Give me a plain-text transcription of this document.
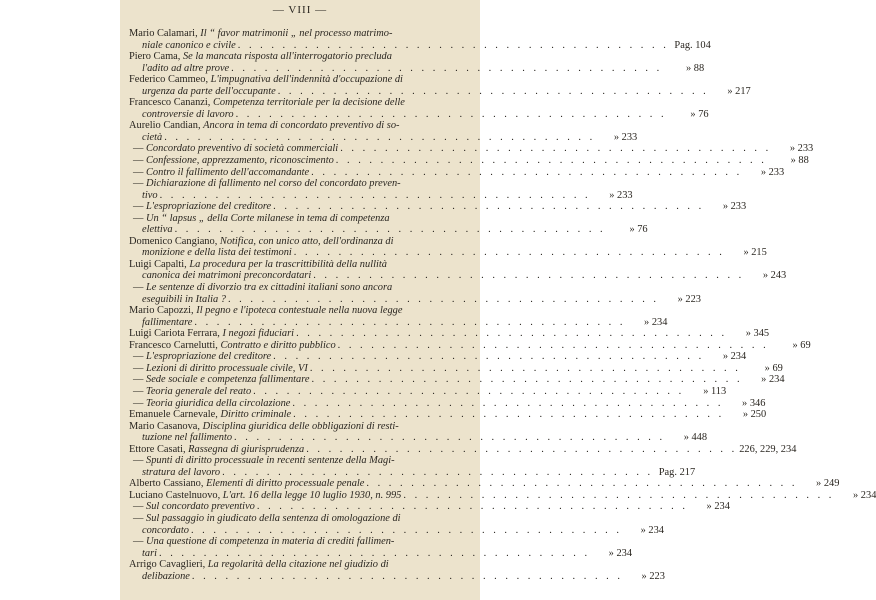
— VIII —
Mario Calamari, Il “ favor matrimonii „ nel processo matrimo-
niale canonico e civile . . . . . . . . . . . . . . . . . . . . . . . . . . . . . . . . . . . . . . . Pag. 104
Piero Cama, Se la mancata risposta all'interrogatorio precluda
l'adito ad altre prove . . . . . . . . . . . . . . . . . . . . . . . . . . . . . . . . . . . . . . .	» 88
Federico Cammeo, L'impugnativa dell'indennità d'occupazione di
urgenza da parte dell'occupante . . . . . . . . . . . . . . . . . . . . . . . . . . . . . . . . . . . . . . .	» 217
Francesco Cananzi, Competenza territoriale per la decisione delle
controversie di lavoro . . . . . . . . . . . . . . . . . . . . . . . . . . . . . . . . . . . . . . .	» 76
Aurelio Candian, Ancora in tema di concordato preventivo di so-
cietà . . . . . . . . . . . . . . . . . . . . . . . . . . . . . . . . . . . . . . .	» 233
— Concordato preventivo di società commerciali . . . . . . . . . . . . . . . . . . . . . . . . . . . . . . . . . . . . . . .	» 233
— Confessione, apprezzamento, riconoscimento . . . . . . . . . . . . . . . . . . . . . . . . . . . . . . . . . . . . . . .	» 88
— Contro il fallimento dell'accomandante . . . . . . . . . . . . . . . . . . . . . . . . . . . . . . . . . . . . . . .	» 233
— Dichiarazione di fallimento nel corso del concordato preven-
tivo . . . . . . . . . . . . . . . . . . . . . . . . . . . . . . . . . . . . . . .	» 233
— L'espropriazione del creditore . . . . . . . . . . . . . . . . . . . . . . . . . . . . . . . . . . . . . . .	» 233
— Un “ lapsus „ della Corte milanese in tema di competenza
elettiva . . . . . . . . . . . . . . . . . . . . . . . . . . . . . . . . . . . . . . .	» 76
Domenico Cangiano, Notifica, con unico atto, dell'ordinanza di
monizione e della lista dei testimoni . . . . . . . . . . . . . . . . . . . . . . . . . . . . . . . . . . . . . . .	» 215
Luigi Capalti, La procedura per la trascrittibilità della nullità
canonica dei matrimoni preconcordatari . . . . . . . . . . . . . . . . . . . . . . . . . . . . . . . . . . . . . . .	» 243
— Le sentenze di divorzio tra ex cittadini italiani sono ancora
eseguibili in Italia ? . . . . . . . . . . . . . . . . . . . . . . . . . . . . . . . . . . . . . . .	» 223
Mario Capozzi, Il pegno e l'ipoteca contestuale nella nuova legge
fallimentare . . . . . . . . . . . . . . . . . . . . . . . . . . . . . . . . . . . . . . .	» 234
Luigi Cariota Ferrara, I negozi fiduciari . . . . . . . . . . . . . . . . . . . . . . . . . . . . . . . . . . . . . . .	» 345
Francesco Carnelutti, Contratto e diritto pubblico . . . . . . . . . . . . . . . . . . . . . . . . . . . . . . . . . . . . . . .	» 69
— L'espropriazione del creditore . . . . . . . . . . . . . . . . . . . . . . . . . . . . . . . . . . . . . . .	» 234
— Lezioni di diritto processuale civile, VI . . . . . . . . . . . . . . . . . . . . . . . . . . . . . . . . . . . . . . .	» 69
— Sede sociale e competenza fallimentare . . . . . . . . . . . . . . . . . . . . . . . . . . . . . . . . . . . . . . .	» 234
— Teoria generale del reato . . . . . . . . . . . . . . . . . . . . . . . . . . . . . . . . . . . . . . .	» 113
— Teoria giuridica della circolazione . . . . . . . . . . . . . . . . . . . . . . . . . . . . . . . . . . . . . . .	» 346
Emanuele Carnevale, Diritto criminale . . . . . . . . . . . . . . . . . . . . . . . . . . . . . . . . . . . . . . .	» 250
Mario Casanova, Disciplina giuridica delle obbligazioni di resti-
tuzione nel fallimento . . . . . . . . . . . . . . . . . . . . . . . . . . . . . . . . . . . . . . .	» 448
Ettore Casati, Rassegna di giurisprudenza . . . . . . . . . . . . . . . . . . . . . . . . . . . . . . . . . . . . . . . 226, 229, 234
— Spunti di diritto processuale in recenti sentenze della Magi-
stratura del lavoro . . . . . . . . . . . . . . . . . . . . . . . . . . . . . . . . . . . . . . . Pag. 217
Alberto Cassiano, Elementi di diritto processuale penale . . . . . . . . . . . . . . . . . . . . . . . . . . . . . . . . . . . . . . .	» 249
Luciano Castelnuovo, L'art. 16 della legge 10 luglio 1930, n. 995 . . . . . . . . . . . . . . . . . . . . . . . . . . . . . . . . . . . . . . .	» 234
— Sul concordato preventivo . . . . . . . . . . . . . . . . . . . . . . . . . . . . . . . . . . . . . . .	» 234
— Sul passaggio in giudicato della sentenza di omologazione di
concordato . . . . . . . . . . . . . . . . . . . . . . . . . . . . . . . . . . . . . . .	» 234
— Una questione di competenza in materia di crediti fallimen-
tari . . . . . . . . . . . . . . . . . . . . . . . . . . . . . . . . . . . . . . .	» 234
Arrigo Cavaglieri, La regolarità della citazione nel giudizio di
delibazione . . . . . . . . . . . . . . . . . . . . . . . . . . . . . . . . . . . . . . .	» 223
